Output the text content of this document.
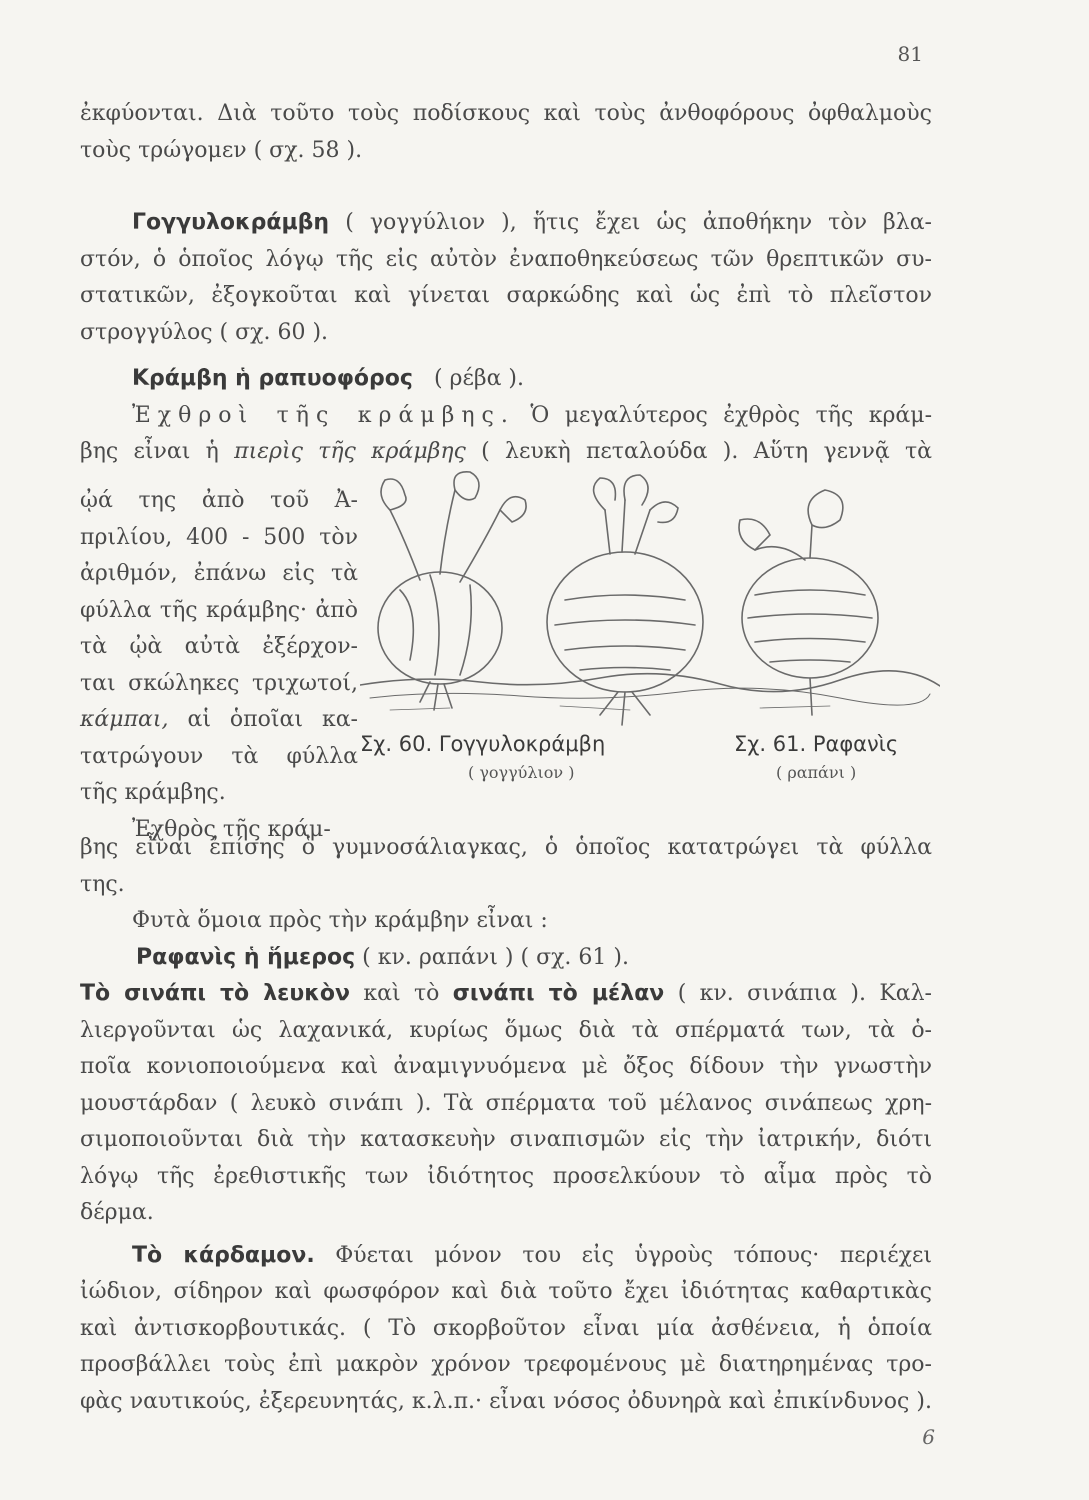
81
ἐκφύονται. Διὰ τοῦτο τοὺς ποδίσκους καὶ τοὺς ἀνθοφόρους ὀφθαλμοὺς
τοὺς τρώγομεν ( σχ. 58 ).
Γογγυλοκράμβη ( γογγύλιον ), ἥτις ἔχει ὡς ἀποθήκην τὸν βλα-
στόν, ὁ ὁποῖος λόγῳ τῆς εἰς αὐτὸν ἐναποθηκεύσεως τῶν θρεπτικῶν συ-
στατικῶν, ἐξογκοῦται καὶ γίνεται σαρκώδης καὶ ὡς ἐπὶ τὸ πλεῖστον
στρογγύλος ( σχ. 60 ).
Κράμβη ἡ ραπυοφόρος ( ρέβα ).
Ἐχθροὶ τῆς κράμβης. Ὁ μεγαλύτερος ἐχθρὸς τῆς κράμ-
βης εἶναι ἡ πιερὶς τῆς κράμβης ( λευκὴ πεταλούδα ). Αὕτη γεννᾷ τὰ
ᾠά της ἀπὸ τοῦ Ἀ-
πριλίου, 400 - 500 τὸν
ἀριθμόν, ἐπάνω εἰς τὰ
φύλλα τῆς κράμβης· ἀπὸ
τὰ ᾠὰ αὐτὰ ἐξέρχον-
ται σκώληκες τριχωτοί,
κάμπαι, αἱ ὁποῖαι κα-
τατρώγουν τὰ φύλλα
τῆς κράμβης.
Ἐχθρὸς τῆς κράμ-
Σχ. 60. Γογγυλοκράμβη
( γογγύλιον )
Σχ. 61. Ραφανὶς
( ραπάνι )
βης εἶναι ἐπίσης ὁ γυμνοσάλιαγκας, ὁ ὁποῖος κατατρώγει τὰ φύλλα
της.
Φυτὰ ὅμοια πρὸς τὴν κράμβην εἶναι :
Ραφανὶς ἡ ἥμερος ( κν. ραπάνι ) ( σχ. 61 ).
Τὸ σινάπι τὸ λευκὸν καὶ τὸ σινάπι τὸ μέλαν ( κν. σινάπια ). Καλ-
λιεργοῦνται ὡς λαχανικά, κυρίως ὅμως διὰ τὰ σπέρματά των, τὰ ὁ-
ποῖα κονιοποιούμενα καὶ ἀναμιγνυόμενα μὲ ὄξος δίδουν τὴν γνωστὴν
μουστάρδαν ( λευκὸ σινάπι ). Τὰ σπέρματα τοῦ μέλανος σινάπεως χρη-
σιμοποιοῦνται διὰ τὴν κατασκευὴν σιναπισμῶν εἰς τὴν ἰατρικήν, διότι
λόγῳ τῆς ἐρεθιστικῆς των ἰδιότητος προσελκύουν τὸ αἷμα πρὸς τὸ
δέρμα.
Τὸ κάρδαμον. Φύεται μόνον του εἰς ὑγροὺς τόπους· περιέχει
ἰώδιον, σίδηρον καὶ φωσφόρον καὶ διὰ τοῦτο ἔχει ἰδιότητας καθαρτικὰς
καὶ ἀντισκορβουτικάς. ( Τὸ σκορβοῦτον εἶναι μία ἀσθένεια, ἡ ὁποία
προσβάλλει τοὺς ἐπὶ μακρὸν χρόνον τρεφομένους μὲ διατηρημένας τρο-
φὰς ναυτικούς, ἐξερευνητάς, κ.λ.π.· εἶναι νόσος ὀδυνηρὰ καὶ ἐπικίνδυνος ).
6
